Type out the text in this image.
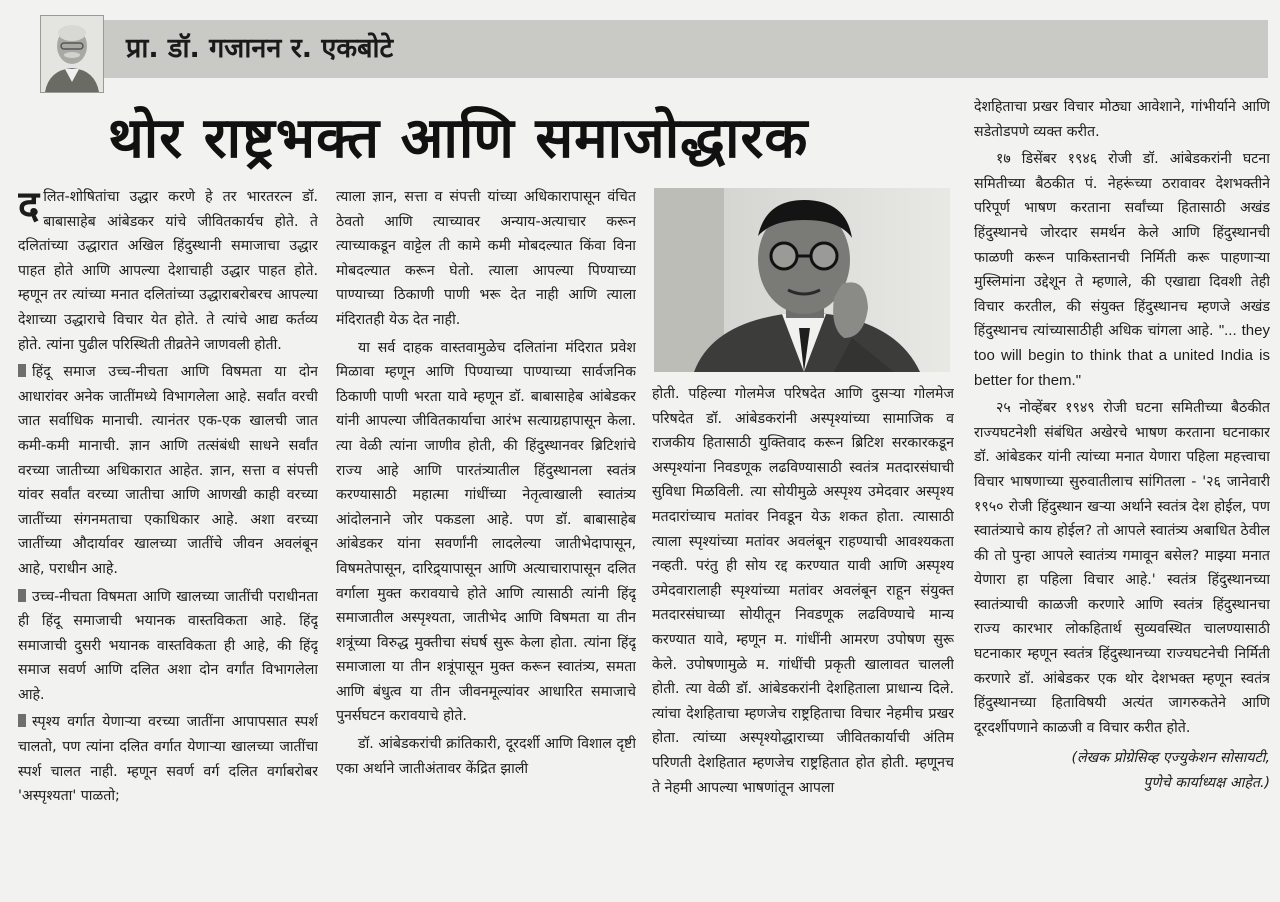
प्रा. डॉ. गजानन र. एकबोटे
थोर राष्ट्रभक्त आणि समाजोद्धारक

दलित-शोषितांचा उद्धार करणे हे तर भारतरत्न डॉ. बाबासाहेब आंबेडकर यांचे जीवितकार्यच होते. ते दलितांच्या उद्धारात अखिल हिंदुस्थानी समाजाचा उद्धार पाहत होते आणि आपल्या देशाचाही उद्धार पाहत होते. म्हणून तर त्यांच्या मनात दलितांच्या उद्धाराबरोबरच आपल्या देशाच्या उद्धाराचे विचार येत होते. ते त्यांचे आद्य कर्तव्य होते. त्यांना पुढील परिस्थिती तीव्रतेने जाणवली होती.

हिंदू समाज उच्च-नीचता आणि विषमता या दोन आधारांवर अनेक जातींमध्ये विभागलेला आहे. सर्वांत वरची जात सर्वाधिक मानाची. त्यानंतर एक-एक खालची जात कमी-कमी मानाची. ज्ञान आणि तत्संबंधी साधने सर्वांत वरच्या जातीच्या अधिकारात आहेत. ज्ञान, सत्ता व संपत्ती यांवर सर्वांत वरच्या जातीचा आणि आणखी काही वरच्या जातींच्या संगनमताचा एकाधिकार आहे. अशा वरच्या जातींच्या औदार्यावर खालच्या जातींचे जीवन अवलंबून आहे, पराधीन आहे.

उच्च-नीचता विषमता आणि खालच्या जातींची पराधीनता ही हिंदू समाजाची भयानक वास्तविकता आहे. हिंदू समाजाची दुसरी भयानक वास्तविकता ही आहे, की हिंदू समाज सवर्ण आणि दलित अशा दोन वर्गांत विभागलेला आहे.

स्पृश्य वर्गात येणाऱ्या वरच्या जातींना आपापसात स्पर्श चालतो, पण त्यांना दलित वर्गात येणाऱ्या खालच्या जातींचा स्पर्श चालत नाही. म्हणून सवर्ण वर्ग दलित वर्गाबरोबर 'अस्पृश्यता' पाळतो;

त्याला ज्ञान, सत्ता व संपत्ती यांच्या अधिकारापासून वंचित ठेवतो आणि त्याच्यावर अन्याय-अत्याचार करून त्याच्याकडून वाट्टेल ती कामे कमी मोबदल्यात किंवा विना मोबदल्यात करून घेतो. त्याला आपल्या पिण्याच्या पाण्याच्या ठिकाणी पाणी भरू देत नाही आणि त्याला मंदिरातही येऊ देत नाही.

या सर्व दाहक वास्तवामुळेच दलितांना मंदिरात प्रवेश मिळावा म्हणून आणि पिण्याच्या पाण्याच्या सार्वजनिक ठिकाणी पाणी भरता यावे म्हणून डॉ. बाबासाहेब आंबेडकर यांनी आपल्या जीवितकार्याचा आरंभ सत्याग्रहापासून केला. त्या वेळी त्यांना जाणीव होती, की हिंदुस्थानवर ब्रिटिशांचे राज्य आहे आणि पारतंत्र्यातील हिंदुस्थानला स्वतंत्र करण्यासाठी महात्मा गांधींच्या नेतृत्वाखाली स्वातंत्र्य आंदोलनाने जोर पकडला आहे. पण डॉ. बाबासाहेब आंबेडकर यांना सवर्णांनी लादलेल्या जातीभेदापासून, विषमतेपासून, दारिद्र्यापासून आणि अत्याचारापासून दलित वर्गाला मुक्त करावयाचे होते आणि त्यासाठी त्यांनी हिंदू समाजातील अस्पृश्यता, जातीभेद आणि विषमता या तीन शत्रूंच्या विरुद्ध मुक्तीचा संघर्ष सुरू केला होता. त्यांना हिंदू समाजाला या तीन शत्रूंपासून मुक्त करून स्वातंत्र्य, समता आणि बंधुत्व या तीन जीवनमूल्यांवर आधारित समाजाचे पुनर्सघटन करावयाचे होते.

डॉ. आंबेडकरांची क्रांतिकारी, दूरदर्शी आणि विशाल दृष्टी एका अर्थाने जातीअंतावर केंद्रित झाली

होती. पहिल्या गोलमेज परिषदेत आणि दुसऱ्या गोलमेज परिषदेत डॉ. आंबेडकरांनी अस्पृश्यांच्या सामाजिक व राजकीय हितासाठी युक्तिवाद करून ब्रिटिश सरकारकडून अस्पृश्यांना निवडणूक लढविण्यासाठी स्वतंत्र मतदारसंघाची सुविधा मिळविली. त्या सोयीमुळे अस्पृश्य उमेदवार अस्पृश्य मतदारांच्याच मतांवर निवडून येऊ शकत होता. त्यासाठी त्याला स्पृश्यांच्या मतांवर अवलंबून राहण्याची आवश्यकता नव्हती. परंतु ही सोय रद्द करण्यात यावी आणि अस्पृश्य उमेदवारालाही स्पृश्यांच्या मतांवर अवलंबून राहून संयुक्त मतदारसंघाच्या सोयीतून निवडणूक लढविण्याचे मान्य करण्यात यावे, म्हणून म. गांधींनी आमरण उपोषण सुरू केले. उपोषणामुळे म. गांधींची प्रकृती खालावत चालली होती. त्या वेळी डॉ. आंबेडकरांनी देशहिताला प्राधान्य दिले. त्यांचा देशहिताचा म्हणजेच राष्ट्रहिताचा विचार नेहमीच प्रखर होता. त्यांच्या अस्पृश्योद्धाराच्या जीवितकार्याची अंतिम परिणती देशहितात म्हणजेच राष्ट्रहितात होत होती. म्हणूनच ते नेहमी आपल्या भाषणांतून आपला

देशहिताचा प्रखर विचार मोठ्या आवेशाने, गांभीर्याने आणि सडेतोडपणे व्यक्त करीत.

१७ डिसेंबर १९४६ रोजी डॉ. आंबेडकरांनी घटना समितीच्या बैठकीत पं. नेहरूंच्या ठरावावर देशभक्तीने परिपूर्ण भाषण करताना सर्वांच्या हितासाठी अखंड हिंदुस्थानचे जोरदार समर्थन केले आणि हिंदुस्थानची फाळणी करून पाकिस्तानची निर्मिती करू पाहणाऱ्या मुस्लिमांना उद्देशून ते म्हणाले, की एखाद्या दिवशी तेही विचार करतील, की संयुक्त हिंदुस्थानच म्हणजे अखंड हिंदुस्थानच त्यांच्यासाठीही अधिक चांगला आहे. "... they too will begin to think that a united India is better for them."

२५ नोव्हेंबर १९४९ रोजी घटना समितीच्या बैठकीत राज्यघटनेशी संबंधित अखेरचे भाषण करताना घटनाकार डॉ. आंबेडकर यांनी त्यांच्या मनात येणारा पहिला महत्त्वाचा विचार भाषणाच्या सुरुवातीलाच सांगितला - '२६ जानेवारी १९५० रोजी हिंदुस्थान खऱ्या अर्थाने स्वतंत्र देश होईल, पण स्वातंत्र्याचे काय होईल? तो आपले स्वातंत्र्य अबाधित ठेवील की तो पुन्हा आपले स्वातंत्र्य गमावून बसेल? माझ्या मनात येणारा हा पहिला विचार आहे.' स्वतंत्र हिंदुस्थानच्या स्वातंत्र्याची काळजी करणारे आणि स्वतंत्र हिंदुस्थानचा राज्य कारभार लोकहितार्थ सुव्यवस्थित चालण्यासाठी घटनाकार म्हणून स्वतंत्र हिंदुस्थानच्या राज्यघटनेची निर्मिती करणारे डॉ. आंबेडकर एक थोर देशभक्त म्हणून स्वतंत्र हिंदुस्थानच्या हिताविषयी अत्यंत जागरुकतेने आणि दूरदर्शीपणाने काळजी व विचार करीत होते.

(लेखक प्रोग्रेसिव्ह एज्युकेशन सोसायटी,
पुणेचे कार्याध्यक्ष आहेत.)
